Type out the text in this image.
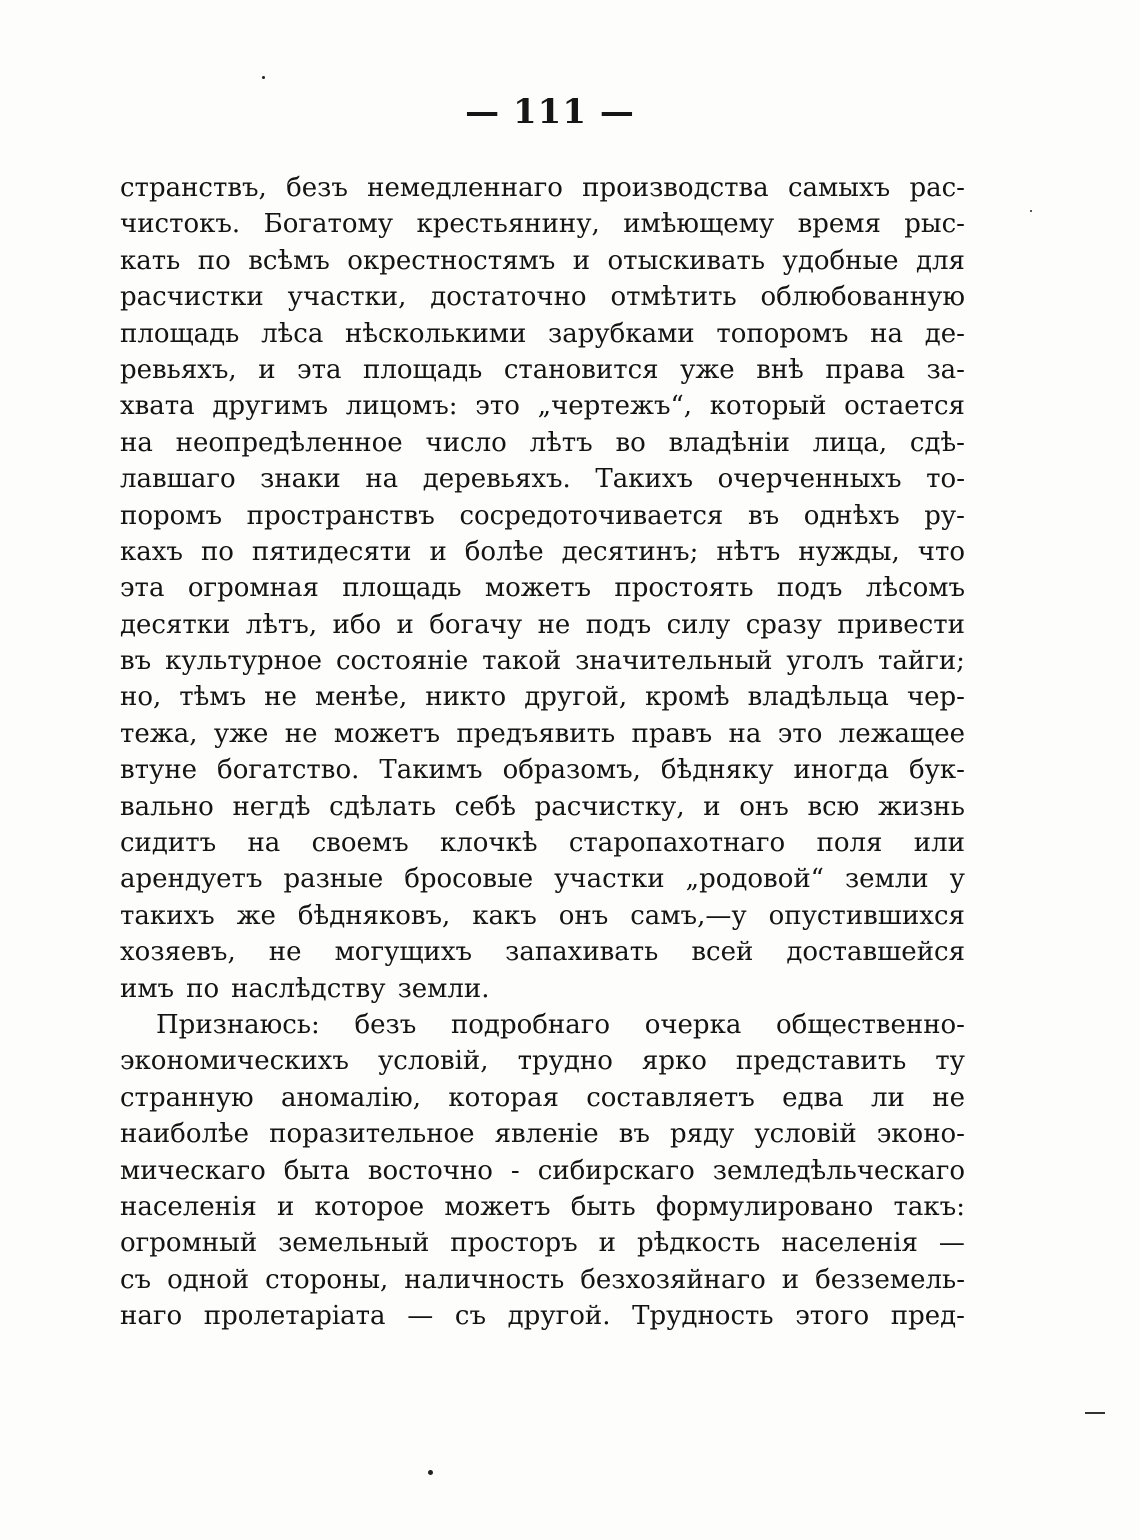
— 111 —
странствъ, безъ немедленнаго производства самыхъ рас-
чистокъ. Богатому крестьянину, имѣющему время рыс-
кать по всѣмъ окрестностямъ и отыскивать удобные для
расчистки участки, достаточно отмѣтить облюбованную
площадь лѣса нѣсколькими зарубками топоромъ на де-
ревьяхъ, и эта площадь становится уже внѣ права за-
хвата другимъ лицомъ: это „чертежъ“, который остается
на неопредѣленное число лѣтъ во владѣніи лица, сдѣ-
лавшаго знаки на деревьяхъ. Такихъ очерченныхъ то-
поромъ пространствъ сосредоточивается въ однѣхъ ру-
кахъ по пятидесяти и болѣе десятинъ; нѣтъ нужды, что
эта огромная площадь можетъ простоять подъ лѣсомъ
десятки лѣтъ, ибо и богачу не подъ силу сразу привести
въ культурное состояніе такой значительный уголъ тайги;
но, тѣмъ не менѣе, никто другой, кромѣ владѣльца чер-
тежа, уже не можетъ предъявить правъ на это лежащее
втуне богатство. Такимъ образомъ, бѣдняку иногда бук-
вально негдѣ сдѣлать себѣ расчистку, и онъ всю жизнь
сидитъ на своемъ клочкѣ старопахотнаго поля или
арендуетъ разные бросовые участки „родовой“ земли у
такихъ же бѣдняковъ, какъ онъ самъ,—у опустившихся
хозяевъ, не могущихъ запахивать всей доставшейся
имъ по наслѣдству земли.
Признаюсь: безъ подробнаго очерка общественно-
экономическихъ условій, трудно ярко представить ту
странную аномалію, которая составляетъ едва ли не
наиболѣе поразительное явленіе въ ряду условій эконо-
мическаго быта восточно - сибирскаго земледѣльческаго
населенія и которое можетъ быть формулировано такъ:
огромный земельный просторъ и рѣдкость населенія —
съ одной стороны, наличность безхозяйнаго и безземель-
наго пролетаріата — съ другой. Трудность этого пред-
